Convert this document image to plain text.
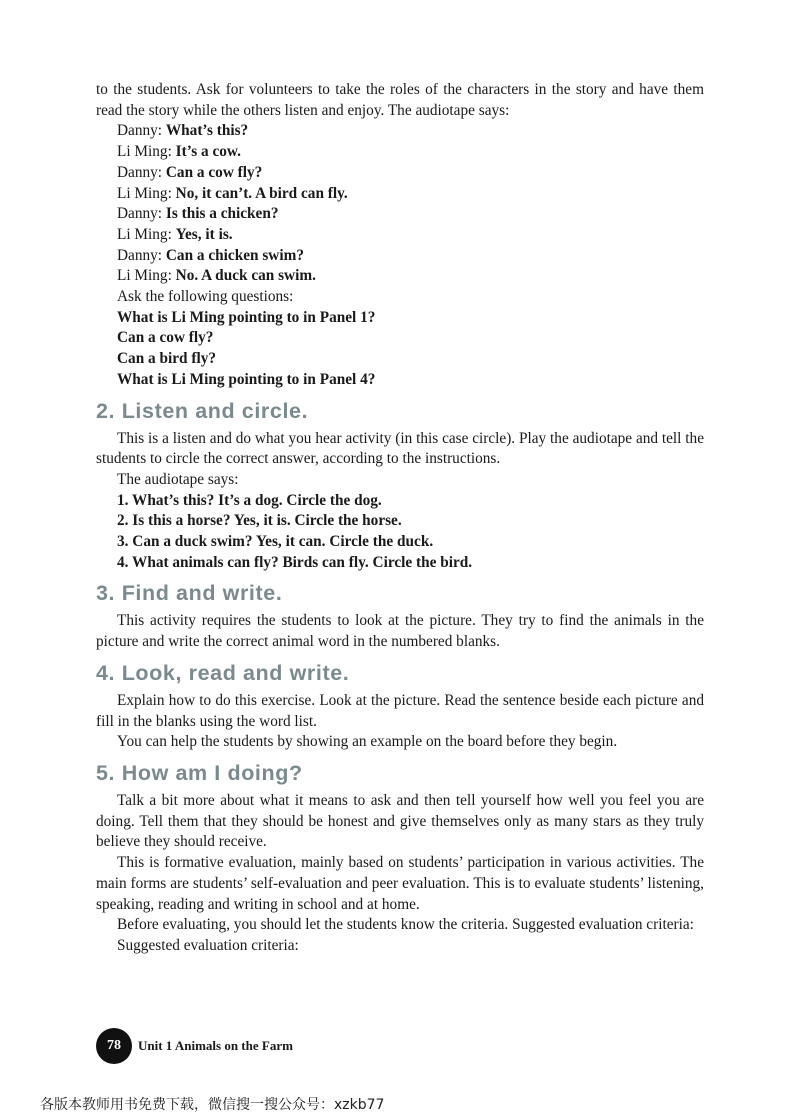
to the students. Ask for volunteers to take the roles of the characters in the story and have them read the story while the others listen and enjoy. The audiotape says:

Danny: What’s this?

Li Ming: It’s a cow.

Danny: Can a cow fly?

Li Ming: No, it can’t. A bird can fly.

Danny: Is this a chicken?

Li Ming: Yes, it is.

Danny: Can a chicken swim?

Li Ming: No. A duck can swim.

Ask the following questions:

What is Li Ming pointing to in Panel 1?

Can a cow fly?

Can a bird fly?

What is Li Ming pointing to in Panel 4?

2. Listen and circle.

This is a listen and do what you hear activity (in this case circle). Play the audiotape and tell the students to circle the correct answer, according to the instructions.

The audiotape says:

1. What’s this? It’s a dog. Circle the dog.

2. Is this a horse? Yes, it is. Circle the horse.

3. Can a duck swim? Yes, it can. Circle the duck.

4. What animals can fly? Birds can fly. Circle the bird.

3. Find and write.

This activity requires the students to look at the picture. They try to find the animals in the picture and write the correct animal word in the numbered blanks.

4. Look, read and write.

Explain how to do this exercise. Look at the picture. Read the sentence beside each picture and fill in the blanks using the word list.

You can help the students by showing an example on the board before they begin.

5. How am I doing?

Talk a bit more about what it means to ask and then tell yourself how well you feel you are doing. Tell them that they should be honest and give themselves only as many stars as they truly believe they should receive.

This is formative evaluation, mainly based on students’ participation in various activities. The main forms are students’ self-evaluation and peer evaluation. This is to evaluate students’ listening, speaking, reading and writing in school and at home.

Before evaluating, you should let the students know the criteria. Suggested evaluation criteria:

Suggested evaluation criteria:

78	Unit 1 Animals on the Farm
各版本教师用书免费下载，微信搜一搜公众号：xzkb77
